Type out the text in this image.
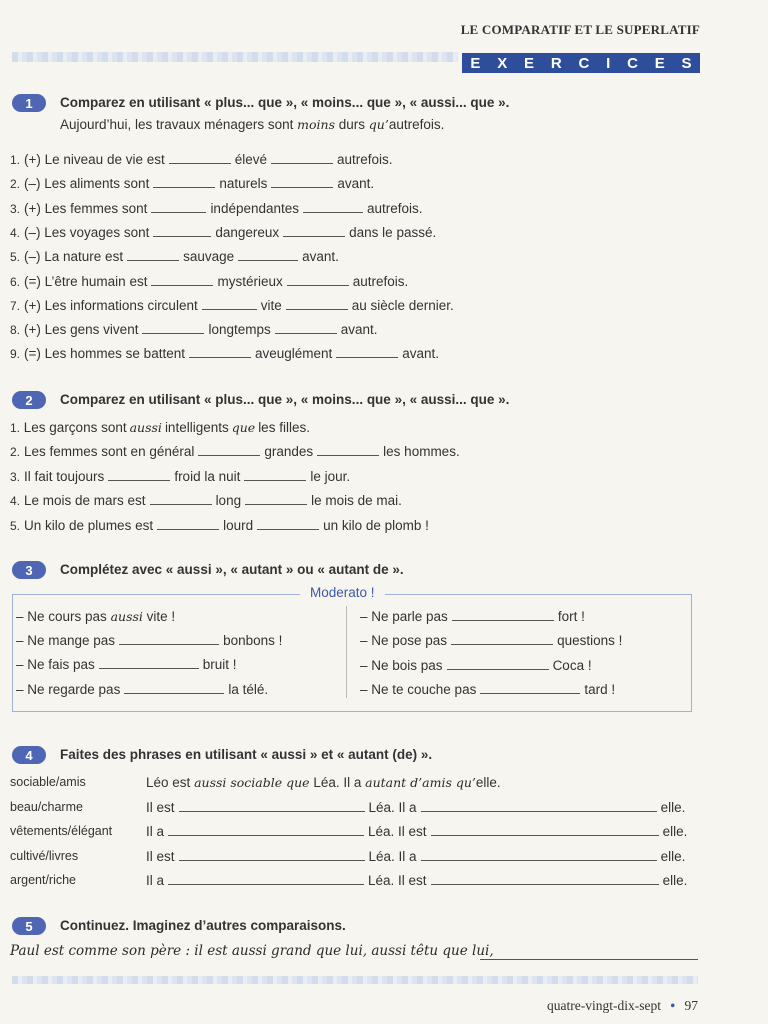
LE COMPARATIF ET LE SUPERLATIF
E X E R C I C E S
1 Comparez en utilisant « plus... que », « moins... que », « aussi... que ».
Aujourd’hui, les travaux ménagers sont moins durs qu’autrefois.
1. (+) Le niveau de vie est	élevé	autrefois.
2. (–) Les aliments sont	naturels	avant.
3. (+) Les femmes sont	indépendantes	autrefois.
4. (–) Les voyages sont	dangereux	dans le passé.
5. (–) La nature est	sauvage	avant.
6. (=) L’être humain est	mystérieux	autrefois.
7. (+) Les informations circulent	vite	au siècle dernier.
8. (+) Les gens vivent	longtemps	avant.
9. (=) Les hommes se battent	aveuglément	avant.
2 Comparez en utilisant « plus... que », « moins... que », « aussi... que ».
1. Les garçons sont aussi intelligents que les filles.
2. Les femmes sont en général	grandes	les hommes.
3. Il fait toujours	froid la nuit	le jour.
4. Le mois de mars est	long	le mois de mai.
5. Un kilo de plumes est	lourd	un kilo de plomb !
3 Complétez avec « aussi », « autant » ou « autant de ».
Moderato !
– Ne cours pas aussi vite !
– Ne mange pas	bonbons !
– Ne fais pas	bruit !
– Ne regarde pas	la télé.
– Ne parle pas	fort !
– Ne pose pas	questions !
– Ne bois pas	Coca !
– Ne te couche pas	tard !
4 Faites des phrases en utilisant « aussi » et « autant (de) ».
sociable/amis	Léo est aussi sociable que Léa. Il a autant d’amis qu’elle.
beau/charme	Il est	Léa. Il a	elle.
vêtements/élégant	Il a	Léa. Il est	elle.
cultivé/livres	Il est	Léa. Il a	elle.
argent/riche	Il a	Léa. Il est	elle.
5 Continuez. Imaginez d’autres comparaisons.
Paul est comme son père : il est aussi grand que lui, aussi têtu que lui,
quatre-vingt-dix-sept • 97
